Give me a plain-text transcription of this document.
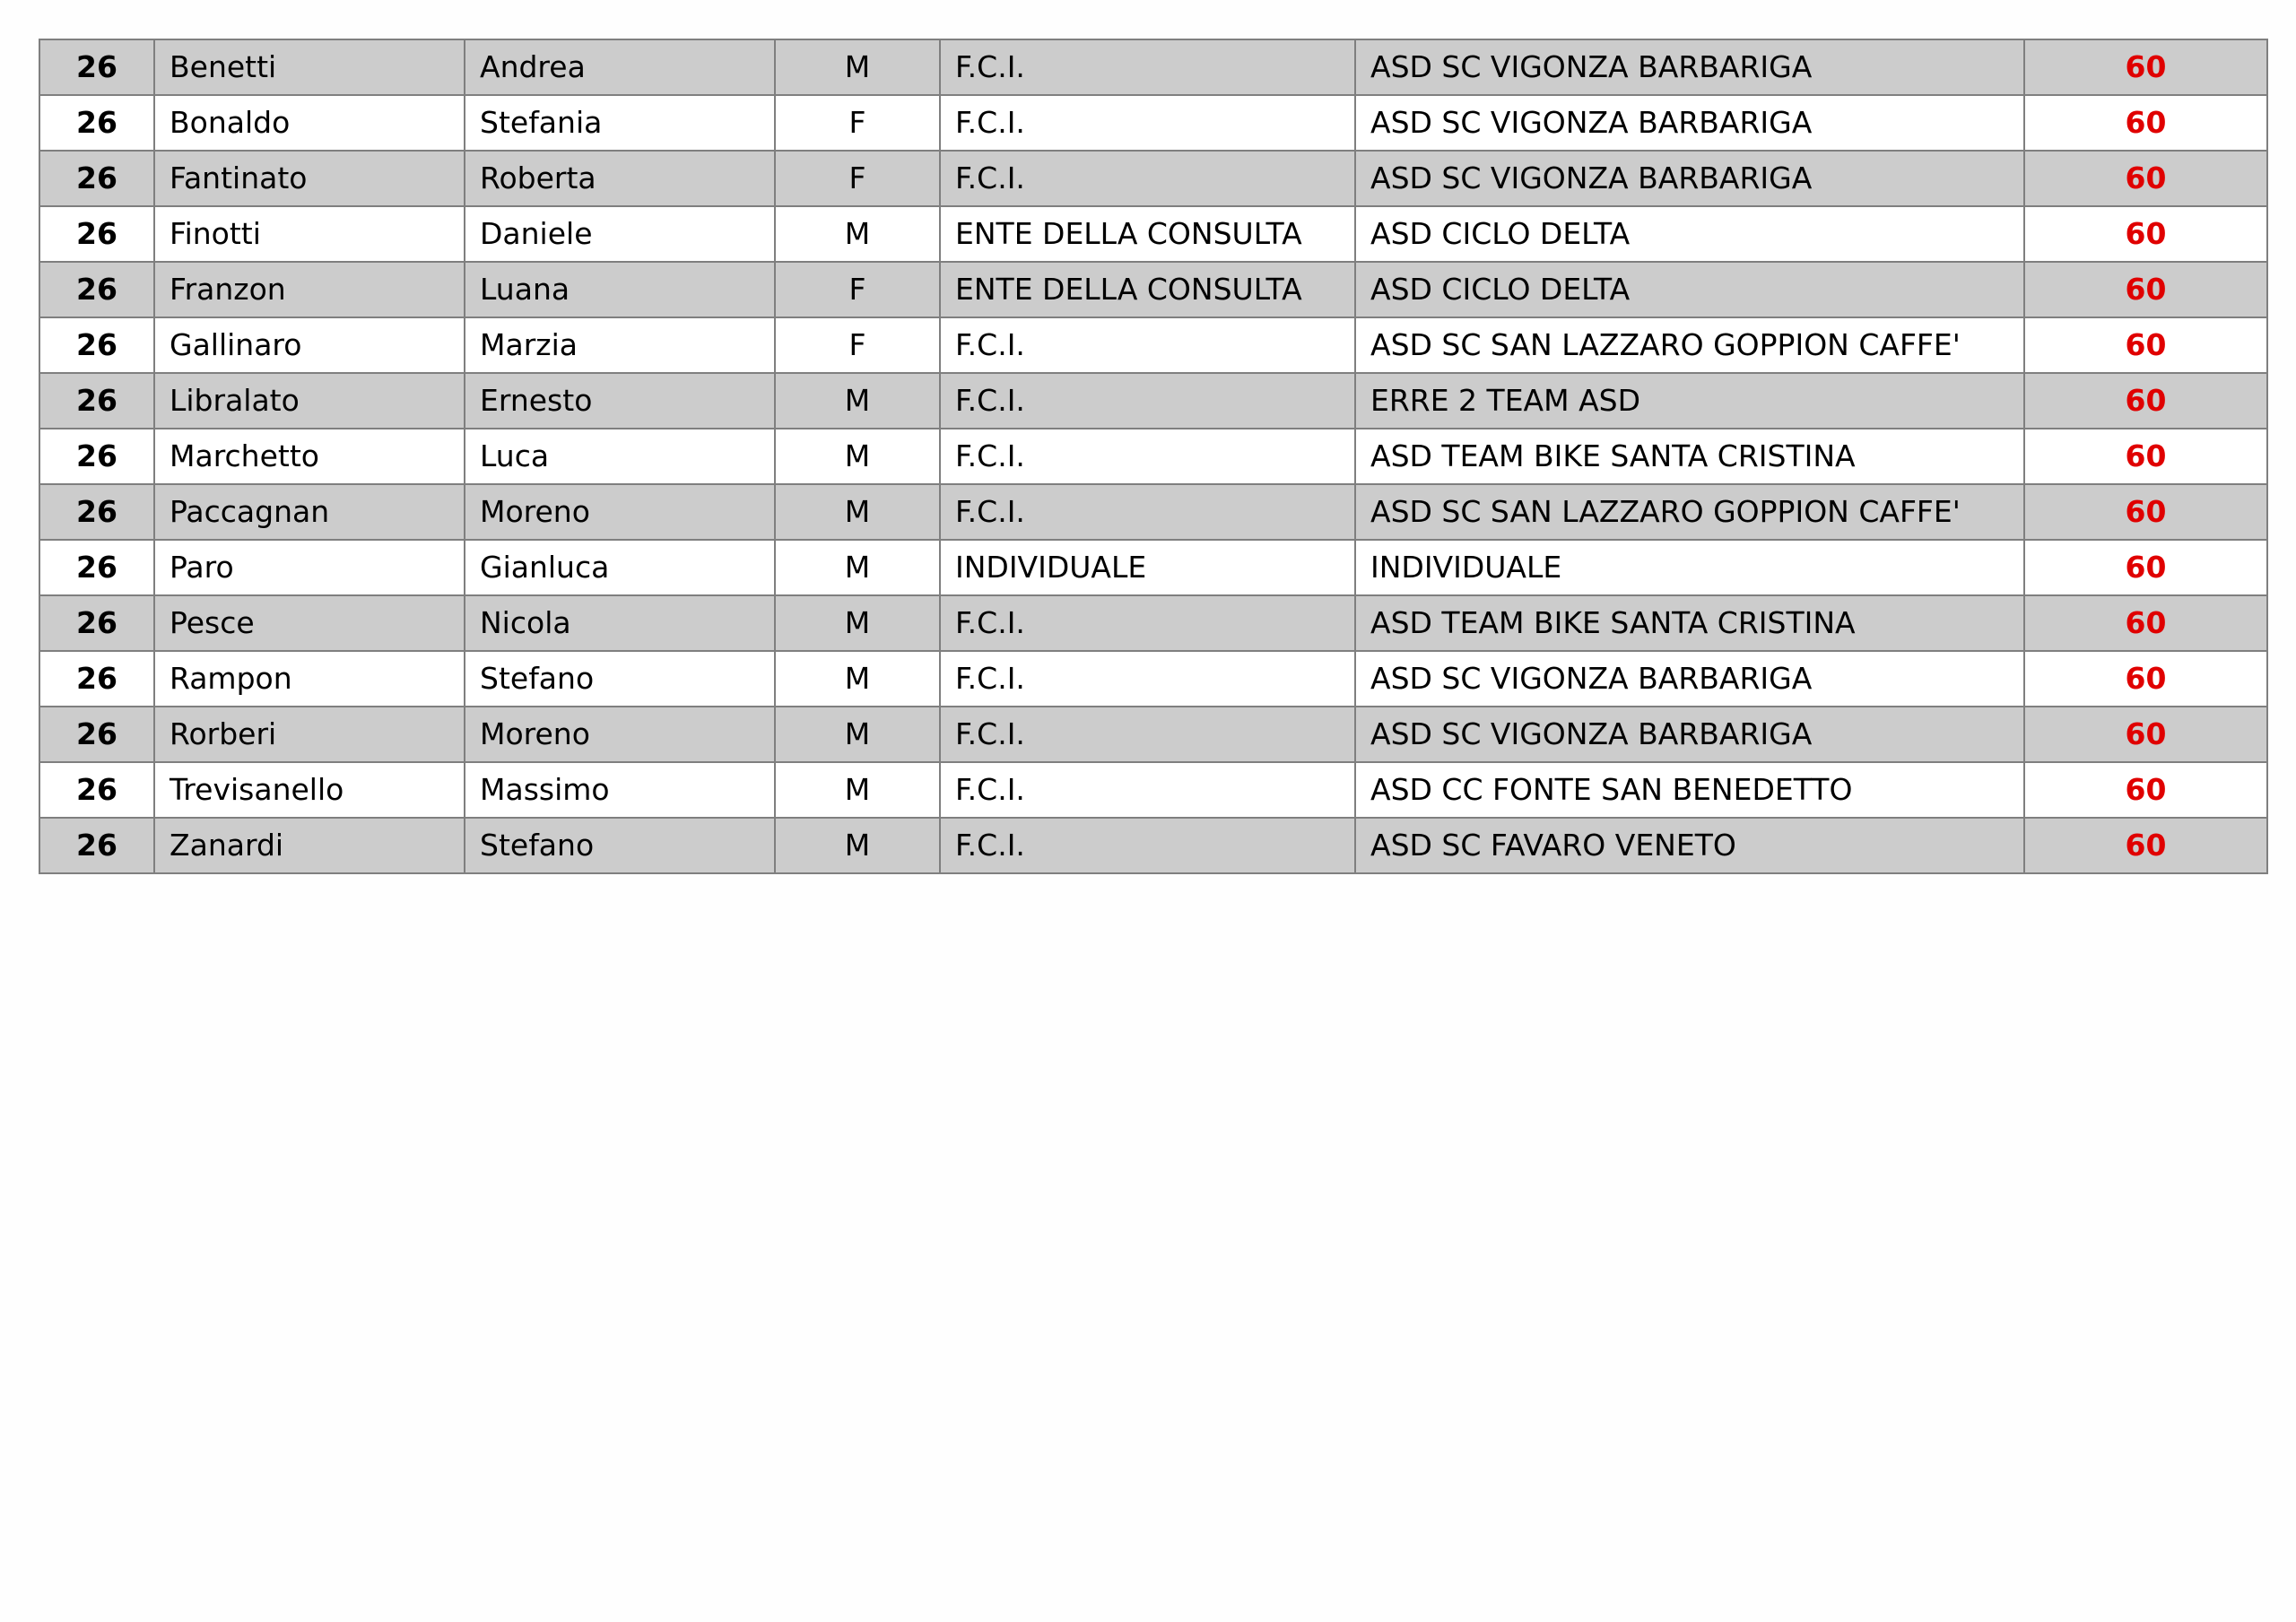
26	Benetti	Andrea	M	F.C.I.	ASD SC VIGONZA BARBARIGA	60
26	Bonaldo	Stefania	F	F.C.I.	ASD SC VIGONZA BARBARIGA	60
26	Fantinato	Roberta	F	F.C.I.	ASD SC VIGONZA BARBARIGA	60
26	Finotti	Daniele	M	ENTE DELLA CONSULTA	ASD CICLO DELTA	60
26	Franzon	Luana	F	ENTE DELLA CONSULTA	ASD CICLO DELTA	60
26	Gallinaro	Marzia	F	F.C.I.	ASD SC SAN LAZZARO GOPPION CAFFE'	60
26	Libralato	Ernesto	M	F.C.I.	ERRE 2 TEAM ASD	60
26	Marchetto	Luca	M	F.C.I.	ASD TEAM BIKE SANTA CRISTINA	60
26	Paccagnan	Moreno	M	F.C.I.	ASD SC SAN LAZZARO GOPPION CAFFE'	60
26	Paro	Gianluca	M	INDIVIDUALE	INDIVIDUALE	60
26	Pesce	Nicola	M	F.C.I.	ASD TEAM BIKE SANTA CRISTINA	60
26	Rampon	Stefano	M	F.C.I.	ASD SC VIGONZA BARBARIGA	60
26	Rorberi	Moreno	M	F.C.I.	ASD SC VIGONZA BARBARIGA	60
26	Trevisanello	Massimo	M	F.C.I.	ASD CC FONTE SAN BENEDETTO	60
26	Zanardi	Stefano	M	F.C.I.	ASD SC FAVARO VENETO	60
